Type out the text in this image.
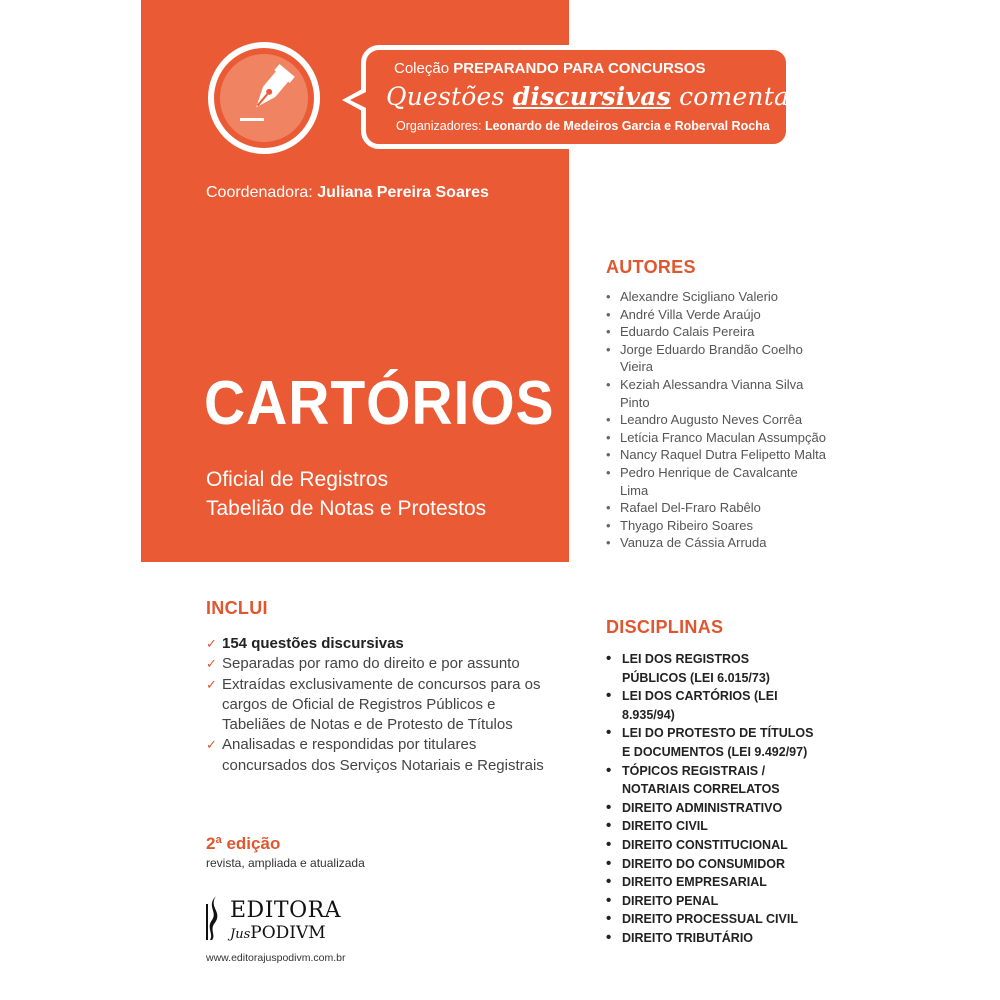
Coleção PREPARANDO PARA CONCURSOS
Questões discursivas comentadas
Organizadores: Leonardo de Medeiros Garcia e Roberval Rocha
Coordenadora: Juliana Pereira Soares
CARTÓRIOS
Oficial de Registros
Tabelião de Notas e Protestos
AUTORES
• Alexandre Scigliano Valerio
• André Villa Verde Araújo
• Eduardo Calais Pereira
• Jorge Eduardo Brandão Coelho Vieira
• Keziah Alessandra Vianna Silva Pinto
• Leandro Augusto Neves Corrêa
• Letícia Franco Maculan Assumpção
• Nancy Raquel Dutra Felipetto Malta
• Pedro Henrique de Cavalcante Lima
• Rafael Del-Fraro Rabêlo
• Thyago Ribeiro Soares
• Vanuza de Cássia Arruda
INCLUI
✓ 154 questões discursivas
✓ Separadas por ramo do direito e por assunto
✓ Extraídas exclusivamente de concursos para os cargos de Oficial de Registros Públicos e Tabeliães de Notas e de Protesto de Títulos
✓ Analisadas e respondidas por titulares concursados dos Serviços Notariais e Registrais
DISCIPLINAS
• LEI DOS REGISTROS PÚBLICOS (LEI 6.015/73)
• LEI DOS CARTÓRIOS (LEI 8.935/94)
• LEI DO PROTESTO DE TÍTULOS E DOCUMENTOS (LEI 9.492/97)
• TÓPICOS REGISTRAIS / NOTARIAIS CORRELATOS
• DIREITO ADMINISTRATIVO
• DIREITO CIVIL
• DIREITO CONSTITUCIONAL
• DIREITO DO CONSUMIDOR
• DIREITO EMPRESARIAL
• DIREITO PENAL
• DIREITO PROCESSUAL CIVIL
• DIREITO TRIBUTÁRIO
2ª edição
revista, ampliada e atualizada
EDITORA
JusPODIVM
www.editorajuspodivm.com.br
